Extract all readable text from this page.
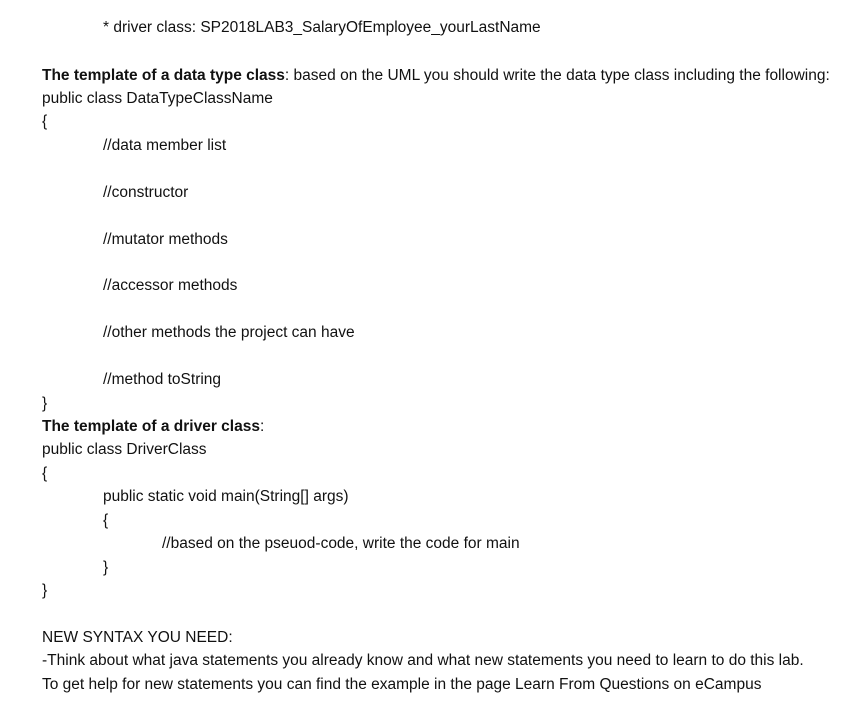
* driver class: SP2018LAB3_SalaryOfEmployee_yourLastName
The template of a data type class: based on the UML you should write the data type class including the following:
public class DataTypeClassName
{
//data member list
//constructor
//mutator methods
//accessor methods
//other methods the project can have
//method toString
}
The template of a driver class:
public class DriverClass
{
public static void main(String[] args)
{
//based on the pseuod-code, write the code for main
}
}
NEW SYNTAX YOU NEED:
-Think about what java statements you already know and what new statements you need to learn to do this lab.
To get help for new statements you can find the example in the page Learn From Questions on eCampus
